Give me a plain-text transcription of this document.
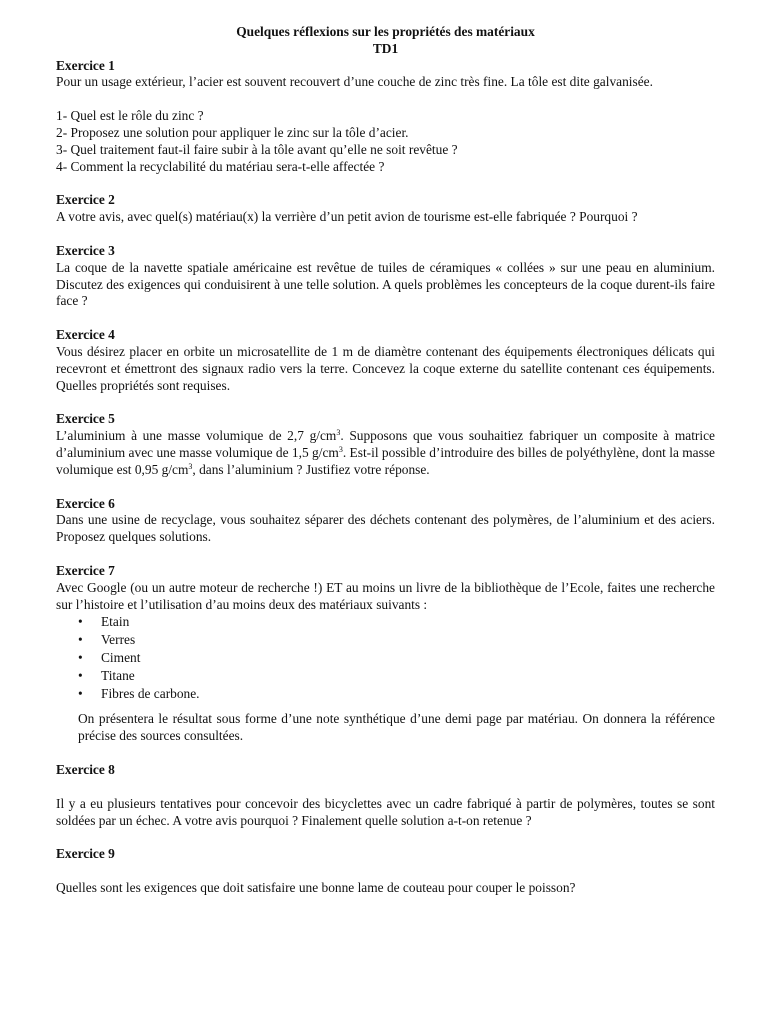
Quelques réflexions sur les propriétés des matériaux
TD1
Exercice 1

Pour un usage extérieur, l’acier est souvent recouvert d’une couche de zinc très fine. La tôle est dite galvanisée.

1- Quel est le rôle du zinc ?

2- Proposez une solution pour appliquer le zinc sur la tôle d’acier.

3- Quel traitement faut-il faire subir à la tôle avant qu’elle ne soit revêtue ?

4- Comment la recyclabilité du matériau sera-t-elle affectée ?

Exercice 2

A votre avis, avec quel(s) matériau(x) la verrière d’un petit avion de tourisme est-elle fabriquée ? Pourquoi ?

Exercice 3

La coque de la navette spatiale américaine est revêtue de tuiles de céramiques « collées » sur une peau en aluminium. Discutez des exigences qui conduisirent à une telle solution. A quels problèmes les concepteurs de la coque durent-ils faire face ?

Exercice 4

Vous désirez placer en orbite un microsatellite de 1 m de diamètre contenant des équipements électroniques délicats qui recevront et émettront des signaux radio vers la terre. Concevez la coque externe du satellite contenant ces équipements. Quelles propriétés sont requises.

Exercice 5

L’aluminium à une masse volumique de 2,7 $g/cm^3$. Supposons que vous souhaitiez fabriquer un composite à matrice d’aluminium avec une masse volumique de 1,5 $g/cm^3$. Est-il possible d’introduire des billes de polyéthylène, dont la masse volumique est 0,95 $g/cm^3$, dans l’aluminium ? Justifiez votre réponse.

Exercice 6

Dans une usine de recyclage, vous souhaitez séparer des déchets contenant des polymères, de l’aluminium et des aciers. Proposez quelques solutions.

Exercice 7

Avec Google (ou un autre moteur de recherche !) ET au moins un livre de la bibliothèque de l’Ecole, faites une recherche sur l’histoire et l’utilisation d’au moins deux des matériaux suivants :

• Etain
• Verres
• Ciment
• Titane
• Fibres de carbone.

On présentera le résultat sous forme d’une note synthétique d’une demi page par matériau. On donnera la référence précise des sources consultées.

Exercice 8

Il y a eu plusieurs tentatives pour concevoir des bicyclettes avec un cadre fabriqué à partir de polymères, toutes se sont soldées par un échec. A votre avis pourquoi ? Finalement quelle solution a-t-on retenue ?

Exercice 9

Quelles sont les exigences que doit satisfaire une bonne lame de couteau pour couper le poisson?
